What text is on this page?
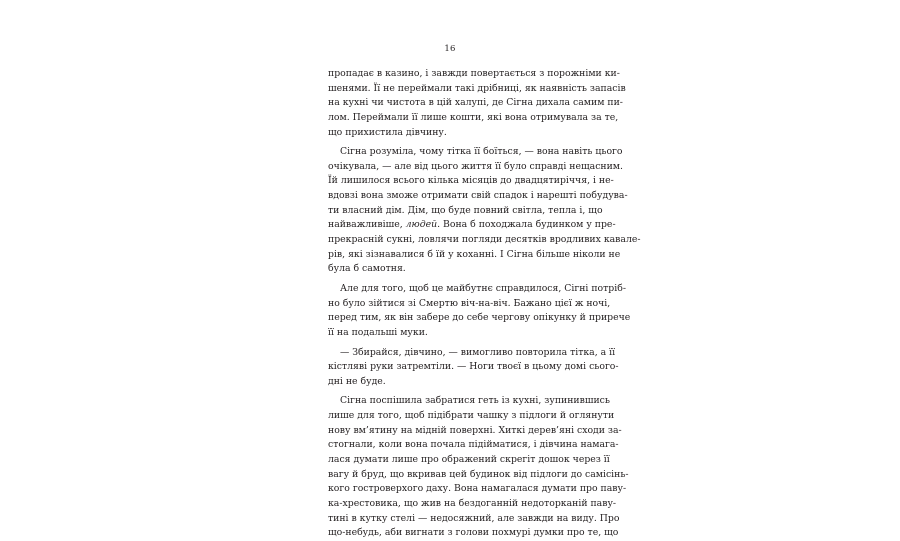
16
пропадає в казино, і завжди повертається з порожніми ки-
шенями. Її не переймали такі дрібниці, як наявність запасів
на кухні чи чистота в цій халупі, де Сігна дихала самим пи-
лом. Переймали її лише кошти, які вона отримувала за те,
що прихистила дівчину.
Сігна розуміла, чому тітка її боїться, — вона навіть цього
очікувала, — але від цього життя її було справді нещасним.
Їй лишилося всього кілька місяців до двадцятиріччя, і не-
вдовзі вона зможе отримати свій спадок і нарешті побудува-
ти власний дім. Дім, що буде повний світла, тепла і, що
найважливіше, людей. Вона б походжала будинком у пре-
прекрасній сукні, ловлячи погляди десятків вродливих кавале-
рів, які зізнавалися б їй у коханні. І Сігна більше ніколи не
була б самотня.
Але для того, щоб це майбутнє справдилося, Сігні потріб-
но було зійтися зі Смертю віч-на-віч. Бажано цієї ж ночі,
перед тим, як він забере до себе чергову опікунку й прирече
її на подальші муки.
— Збирайся, дівчино, — вимогливо повторила тітка, а її
кістляві руки затремтіли. — Ноги твоєї в цьому домі сього-
дні не буде.
Сігна поспішила забратися геть із кухні, зупинившись
лише для того, щоб підібрати чашку з підлоги й оглянути
нову вм’ятину на мідній поверхні. Хиткі дерев’яні сходи за-
стогнали, коли вона почала підійматися, і дівчина намага-
лася думати лише про ображений скрегіт дошок через її
вагу й бруд, що вкривав цей будинок від підлоги до самісінь-
кого гостроверхого даху. Вона намагалася думати про паву-
ка-хрестовика, що жив на бездоганній недоторканій паву-
тині в кутку стелі — недосяжний, але завжди на виду. Про
що-небудь, аби вигнати з голови похмурі думки про те, що
